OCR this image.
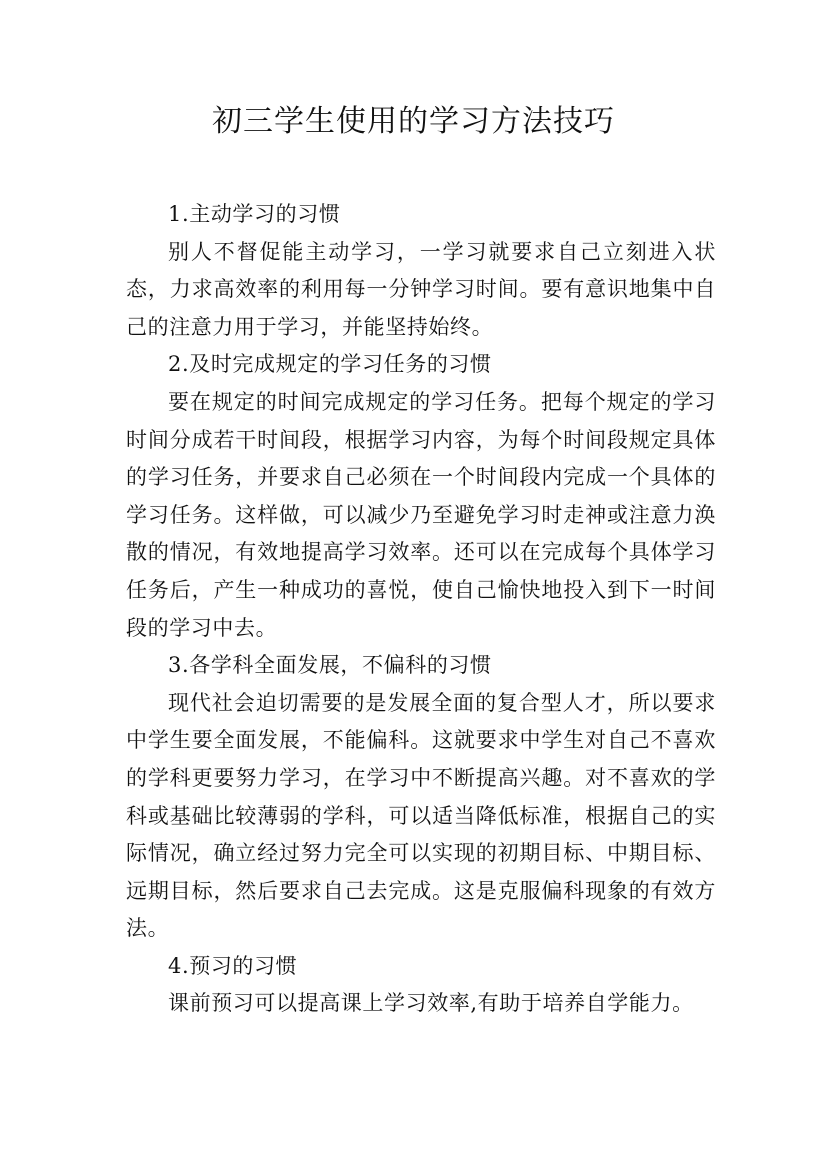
初三学生使用的学习方法技巧

1.主动学习的习惯

别人不督促能主动学习，一学习就要求自己立刻进入状态，力求高效率的利用每一分钟学习时间。要有意识地集中自己的注意力用于学习，并能坚持始终。

2.及时完成规定的学习任务的习惯

要在规定的时间完成规定的学习任务。把每个规定的学习时间分成若干时间段，根据学习内容，为每个时间段规定具体的学习任务，并要求自己必须在一个时间段内完成一个具体的学习任务。这样做，可以减少乃至避免学习时走神或注意力涣散的情况，有效地提高学习效率。还可以在完成每个具体学习任务后，产生一种成功的喜悦，使自己愉快地投入到下一时间段的学习中去。

3.各学科全面发展，不偏科的习惯

现代社会迫切需要的是发展全面的复合型人才，所以要求中学生要全面发展，不能偏科。这就要求中学生对自己不喜欢的学科更要努力学习，在学习中不断提高兴趣。对不喜欢的学科或基础比较薄弱的学科，可以适当降低标准，根据自己的实际情况，确立经过努力完全可以实现的初期目标、中期目标、远期目标，然后要求自己去完成。这是克服偏科现象的有效方法。

4.预习的习惯

课前预习可以提高课上学习效率,有助于培养自学能力。
